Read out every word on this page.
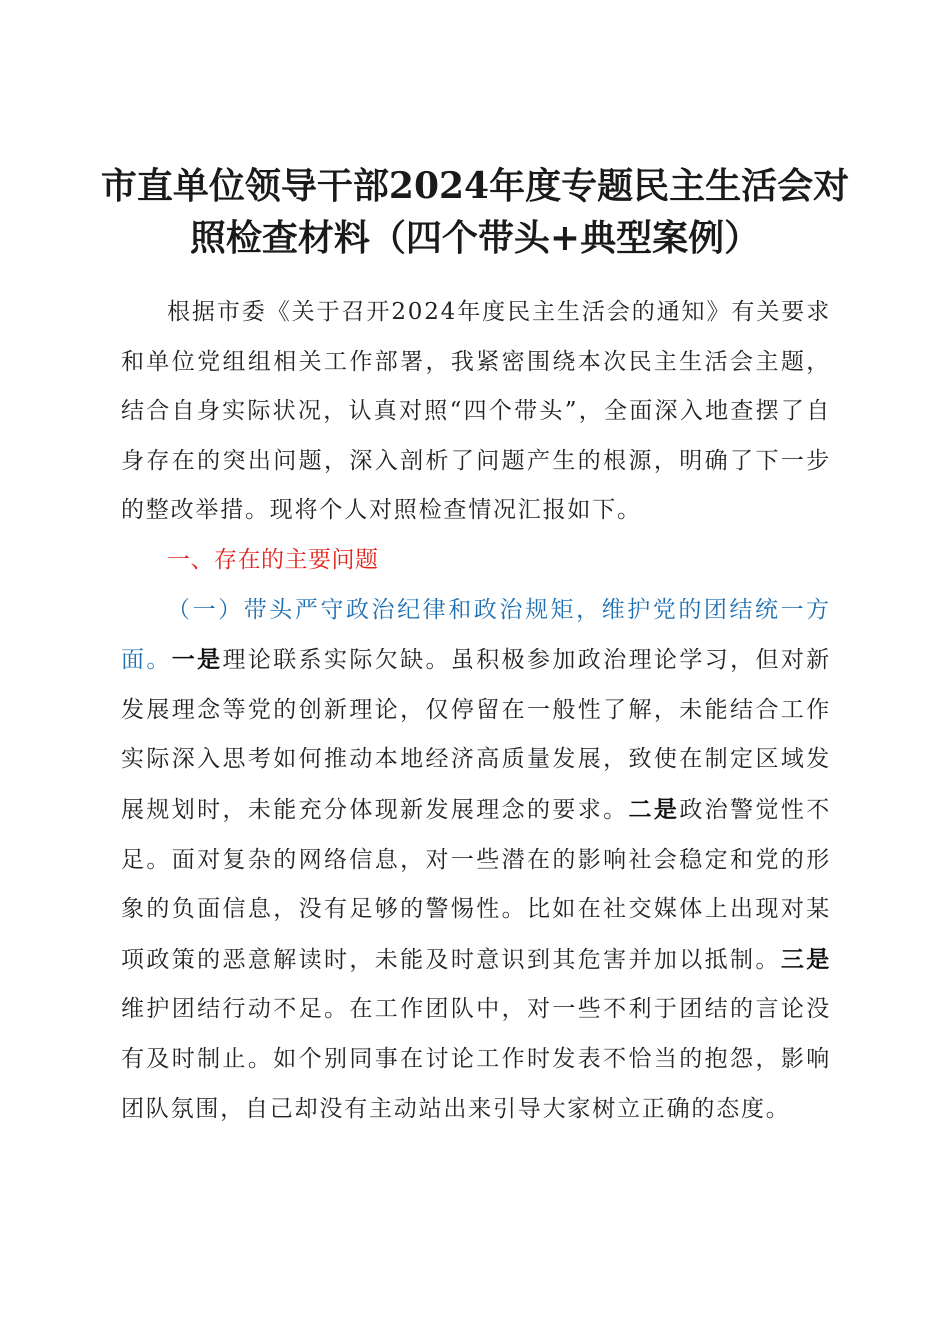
市直单位领导干部2024年度专题民主生活会对
照检查材料（四个带头+典型案例）

根据市委《关于召开2024年度民主生活会的通知》有关要求和单位党组组相关工作部署，我紧密围绕本次民主生活会主题，结合自身实际状况，认真对照“四个带头”，全面深入地查摆了自身存在的突出问题，深入剖析了问题产生的根源，明确了下一步的整改举措。现将个人对照检查情况汇报如下。

一、存在的主要问题

（一）带头严守政治纪律和政治规矩，维护党的团结统一方面。一是理论联系实际欠缺。虽积极参加政治理论学习，但对新发展理念等党的创新理论，仅停留在一般性了解，未能结合工作实际深入思考如何推动本地经济高质量发展，致使在制定区域发展规划时，未能充分体现新发展理念的要求。二是政治警觉性不足。面对复杂的网络信息，对一些潜在的影响社会稳定和党的形象的负面信息，没有足够的警惕性。比如在社交媒体上出现对某项政策的恶意解读时，未能及时意识到其危害并加以抵制。三是维护团结行动不足。在工作团队中，对一些不利于团结的言论没有及时制止。如个别同事在讨论工作时发表不恰当的抱怨，影响团队氛围，自己却没有主动站出来引导大家树立正确的态度。
